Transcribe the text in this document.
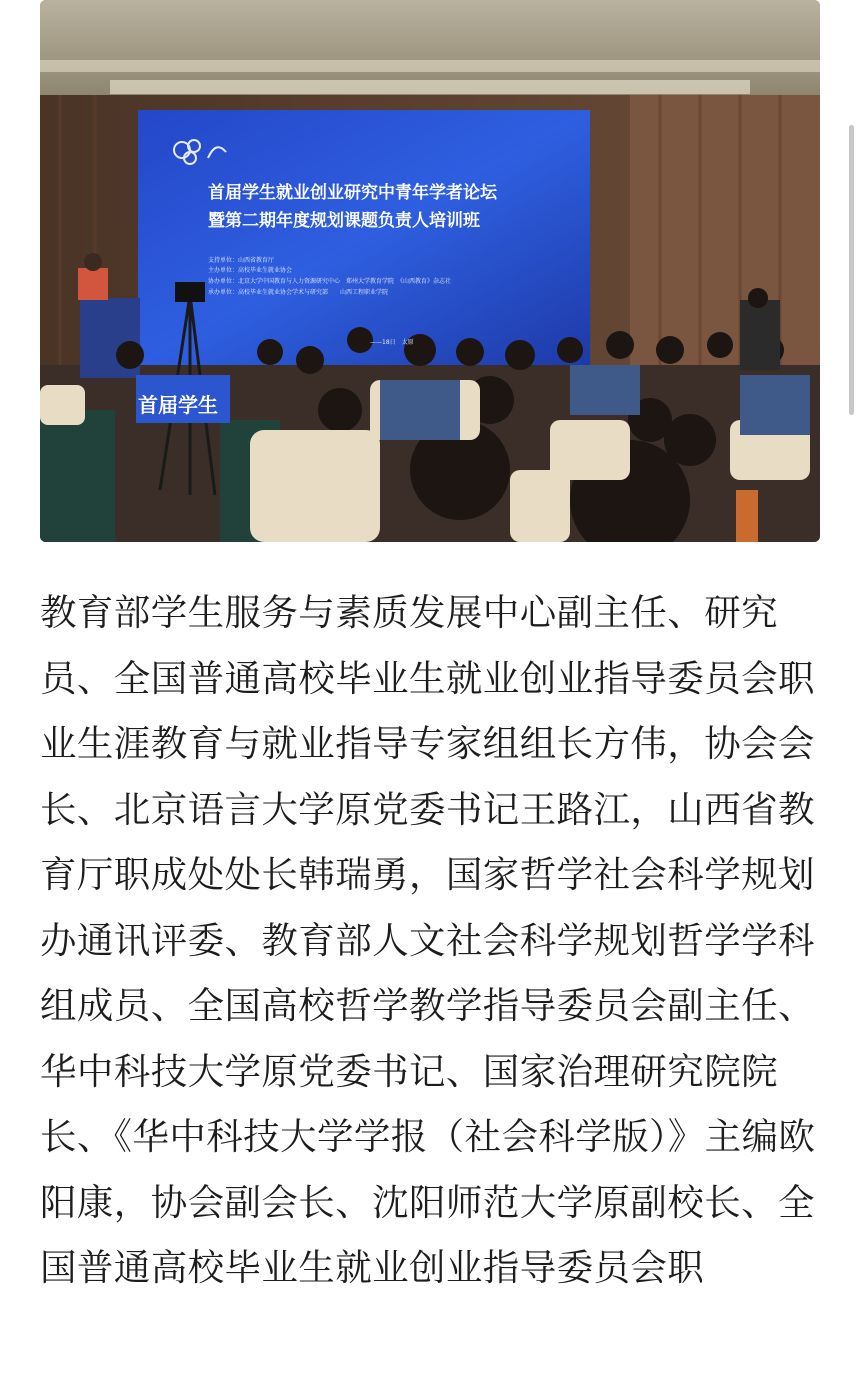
首届学生就业创业研究中青年学者论坛
暨第二期年度规划课题负责人培训班
支持单位：山西省教育厅
主办单位：高校毕业生就业协会
协办单位：北京大学中国教育与人力资源研究中心　郑州大学教育学院　《山西教育》杂志社
承办单位：高校毕业生就业协会学术与研究部　　山西工程职业学院
——18日　太原
首届学生

教育部学生服务与素质发展中心副主任、研究员、全国普通高校毕业生就业创业指导委员会职业生涯教育与就业指导专家组组长方伟，协会会长、北京语言大学原党委书记王路江，山西省教育厅职成处处长韩瑞勇，国家哲学社会科学规划办通讯评委、教育部人文社会科学规划哲学学科组成员、全国高校哲学教学指导委员会副主任、华中科技大学原党委书记、国家治理研究院院长、《华中科技大学学报（社会科学版）》主编欧阳康，协会副会长、沈阳师范大学原副校长、全国普通高校毕业生就业创业指导委员会职
